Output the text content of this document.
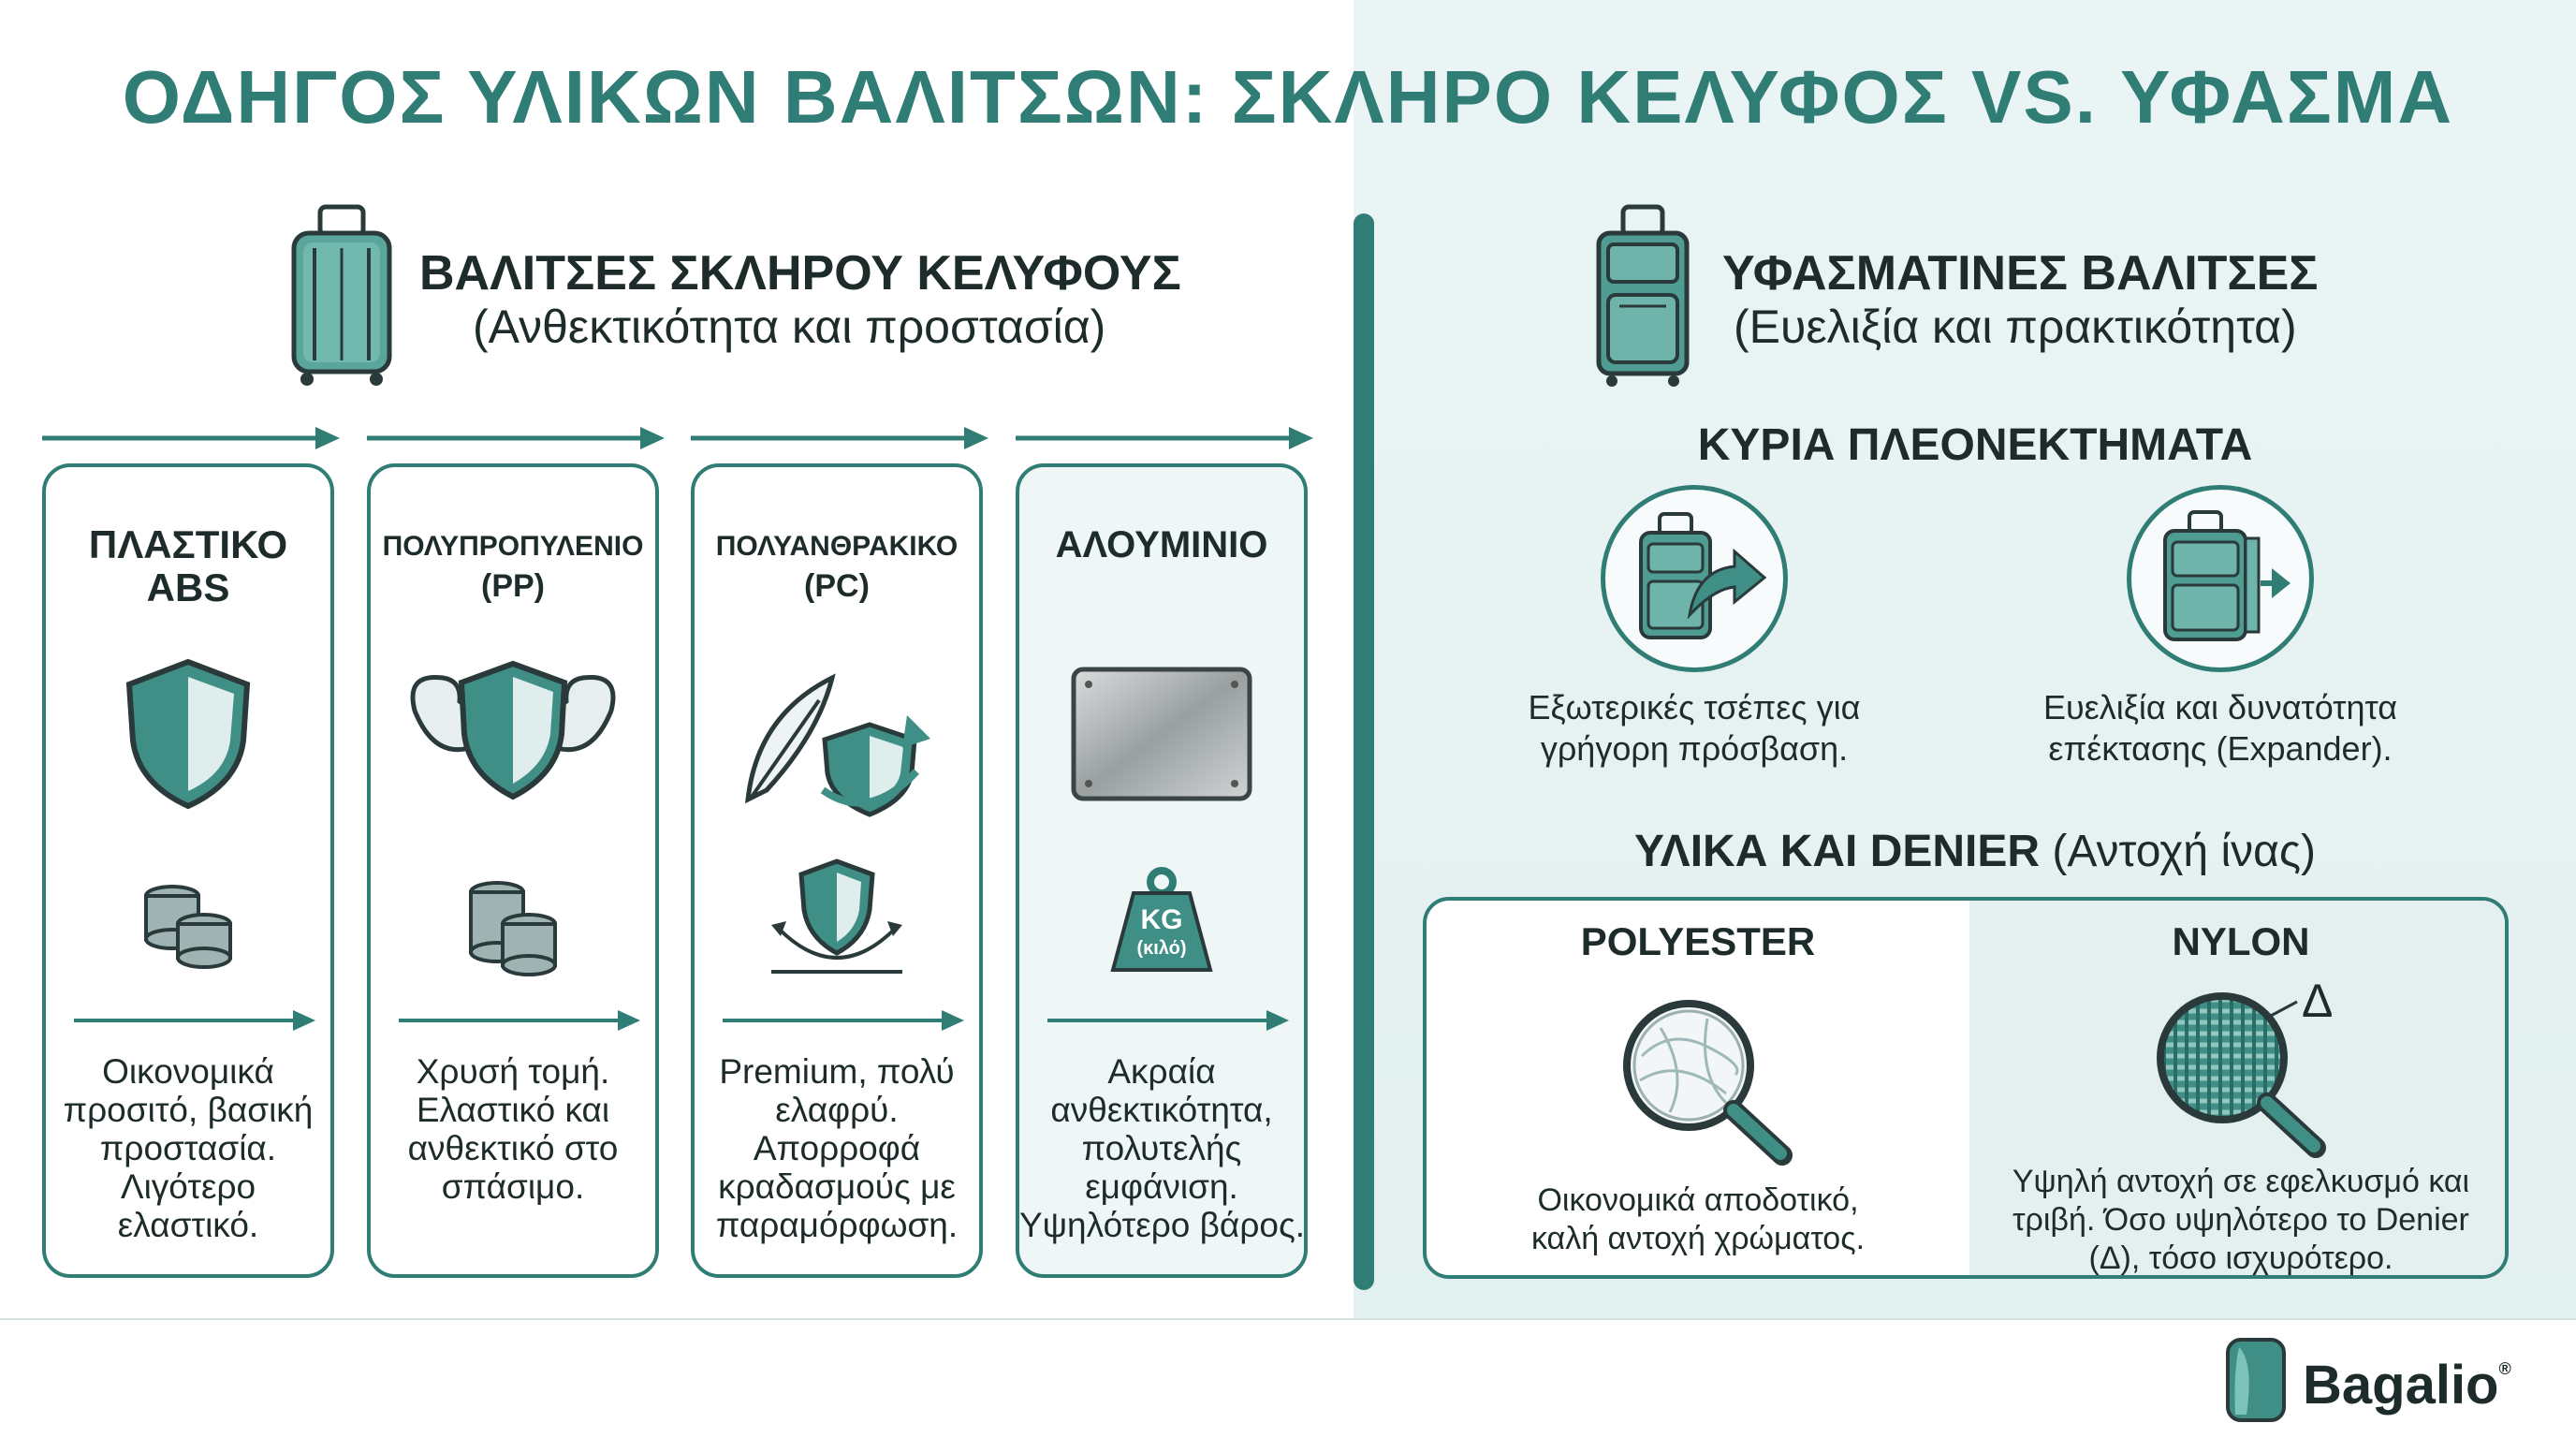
ΟΔΗΓΟΣ ΥΛΙΚΩΝ ΒΑΛΙΤΣΩΝ: ΣΚΛΗΡΟ ΚΕΛΥΦΟΣ VS. ΥΦΑΣΜΑ
ΒΑΛΙΤΣΕΣ ΣΚΛΗΡΟΥ ΚΕΛΥΦΟΥΣ
(Ανθεκτικότητα και προστασία)
ΠΛΑΣΤΙΚΟ
ABS
Οικονομικά
προσιτό, βασική
προστασία.
Λιγότερο
ελαστικό.
ΠΟΛΥΠΡΟΠΥΛΕΝΙΟ
(PP)
Χρυσή τομή.
Ελαστικό και
ανθεκτικό στο
σπάσιμο.
ΠΟΛΥΑΝΘΡΑΚΙΚΟ
(PC)
Premium, πολύ
ελαφρύ.
Απορροφά
κραδασμούς με
παραμόρφωση.
ΑΛΟΥΜΙΝΙΟ
KG
(κιλό)
Ακραία
ανθεκτικότητα,
πολυτελής
εμφάνιση.
Υψηλότερο βάρος.
ΥΦΑΣΜΑΤΙΝΕΣ ΒΑΛΙΤΣΕΣ
(Ευελιξία και πρακτικότητα)
ΚΥΡΙΑ ΠΛΕΟΝΕΚΤΗΜΑΤΑ
Εξωτερικές τσέπες για
γρήγορη πρόσβαση.
Ευελιξία και δυνατότητα
επέκτασης (Expander).
ΥΛΙΚΑ ΚΑΙ DENIER (Αντοχή ίνας)
POLYESTER
Οικονομικά αποδοτικό,
καλή αντοχή χρώματος.
NYLON
Δ
Υψηλή αντοχή σε εφελκυσμό και
τριβή. Όσο υψηλότερο το Denier
(Δ), τόσο ισχυρότερο.
Bagalio®
